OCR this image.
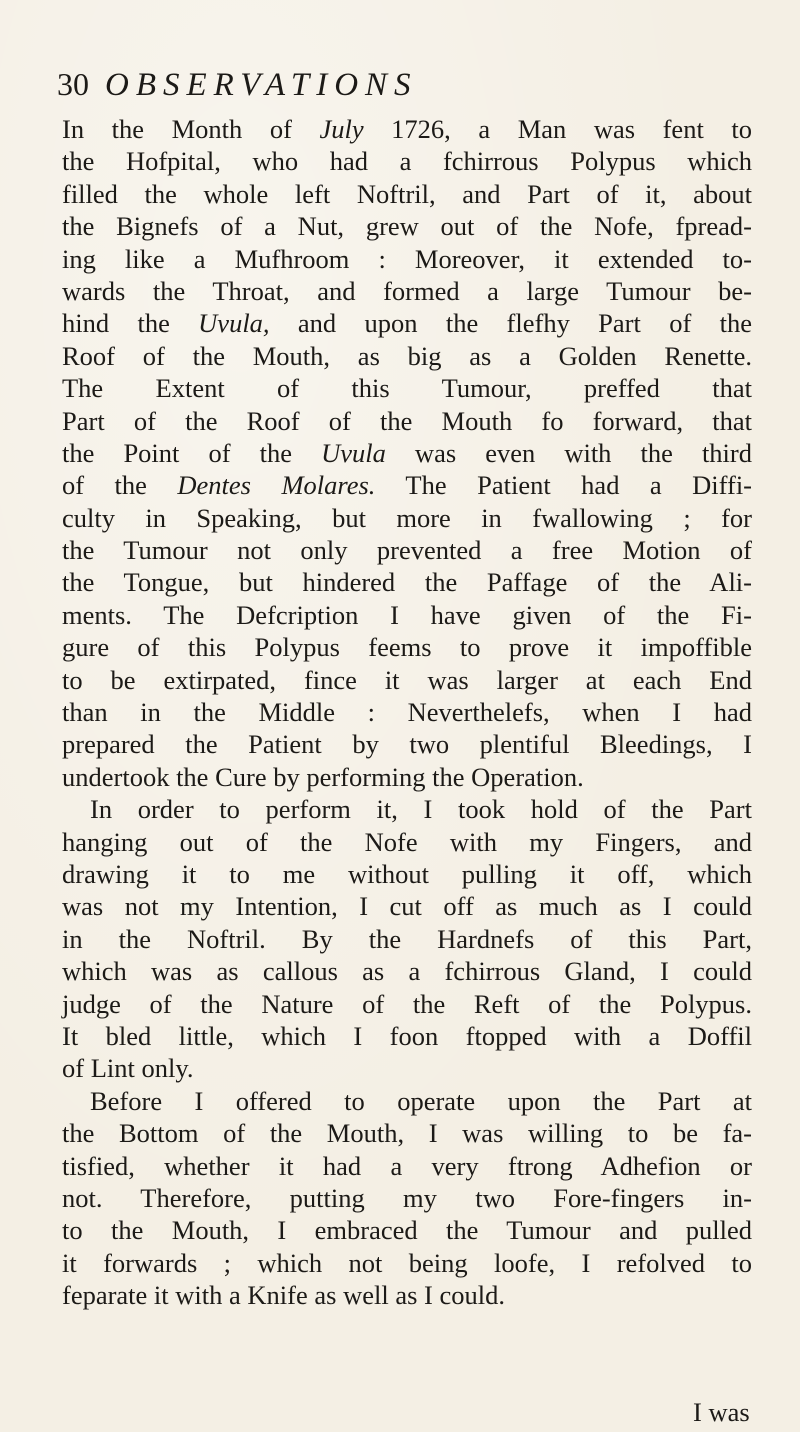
30 OBSERVATIONS
In the Month of July 1726, a Man was fent to
the Hofpital, who had a fchirrous Polypus which
filled the whole left Noftril, and Part of it, about
the Bignefs of a Nut, grew out of the Nofe, fpread-
ing like a Mufhroom : Moreover, it extended to-
wards the Throat, and formed a large Tumour be-
hind the Uvula, and upon the flefhy Part of the
Roof of the Mouth, as big as a Golden Renette.
The Extent of this Tumour, preffed that
Part of the Roof of the Mouth fo forward, that
the Point of the Uvula was even with the third
of the Dentes Molares. The Patient had a Diffi-
culty in Speaking, but more in fwallowing ; for
the Tumour not only prevented a free Motion of
the Tongue, but hindered the Paffage of the Ali-
ments. The Defcription I have given of the Fi-
gure of this Polypus feems to prove it impoffible
to be extirpated, fince it was larger at each End
than in the Middle : Neverthelefs, when I had
prepared the Patient by two plentiful Bleedings, I
undertook the Cure by performing the Operation.
In order to perform it, I took hold of the Part
hanging out of the Nofe with my Fingers, and
drawing it to me without pulling it off, which
was not my Intention, I cut off as much as I could
in the Noftril. By the Hardnefs of this Part,
which was as callous as a fchirrous Gland, I could
judge of the Nature of the Reft of the Polypus.
It bled little, which I foon ftopped with a Doffil
of Lint only.
Before I offered to operate upon the Part at
the Bottom of the Mouth, I was willing to be fa-
tisfied, whether it had a very ftrong Adhefion or
not. Therefore, putting my two Fore-fingers in-
to the Mouth, I embraced the Tumour and pulled
it forwards ; which not being loofe, I refolved to
feparate it with a Knife as well as I could.
I was
